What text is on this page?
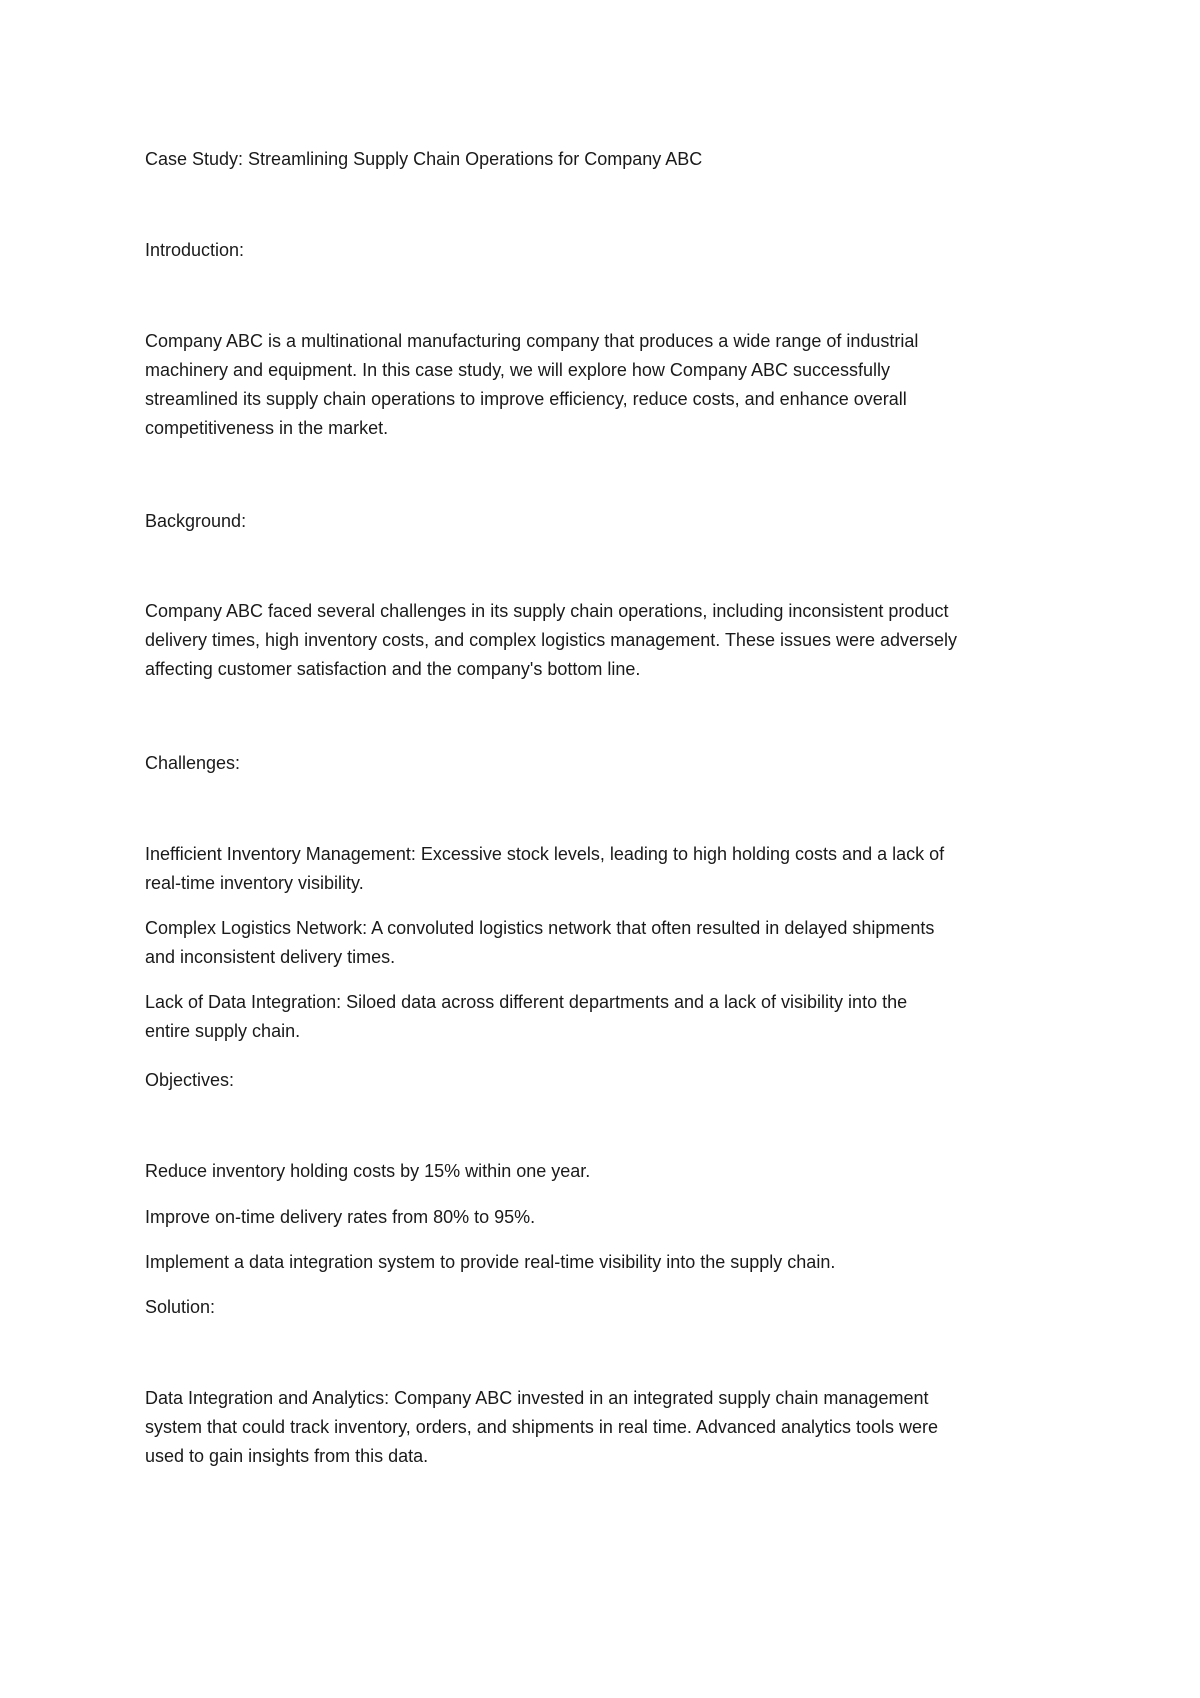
Case Study: Streamlining Supply Chain Operations for Company ABC

Introduction:

Company ABC is a multinational manufacturing company that produces a wide range of industrial
machinery and equipment. In this case study, we will explore how Company ABC successfully
streamlined its supply chain operations to improve efficiency, reduce costs, and enhance overall
competitiveness in the market.

Background:

Company ABC faced several challenges in its supply chain operations, including inconsistent product
delivery times, high inventory costs, and complex logistics management. These issues were adversely
affecting customer satisfaction and the company's bottom line.

Challenges:

Inefficient Inventory Management: Excessive stock levels, leading to high holding costs and a lack of
real-time inventory visibility.

Complex Logistics Network: A convoluted logistics network that often resulted in delayed shipments
and inconsistent delivery times.

Lack of Data Integration: Siloed data across different departments and a lack of visibility into the
entire supply chain.

Objectives:

Reduce inventory holding costs by 15% within one year.

Improve on-time delivery rates from 80% to 95%.

Implement a data integration system to provide real-time visibility into the supply chain.

Solution:

Data Integration and Analytics: Company ABC invested in an integrated supply chain management
system that could track inventory, orders, and shipments in real time. Advanced analytics tools were
used to gain insights from this data.
